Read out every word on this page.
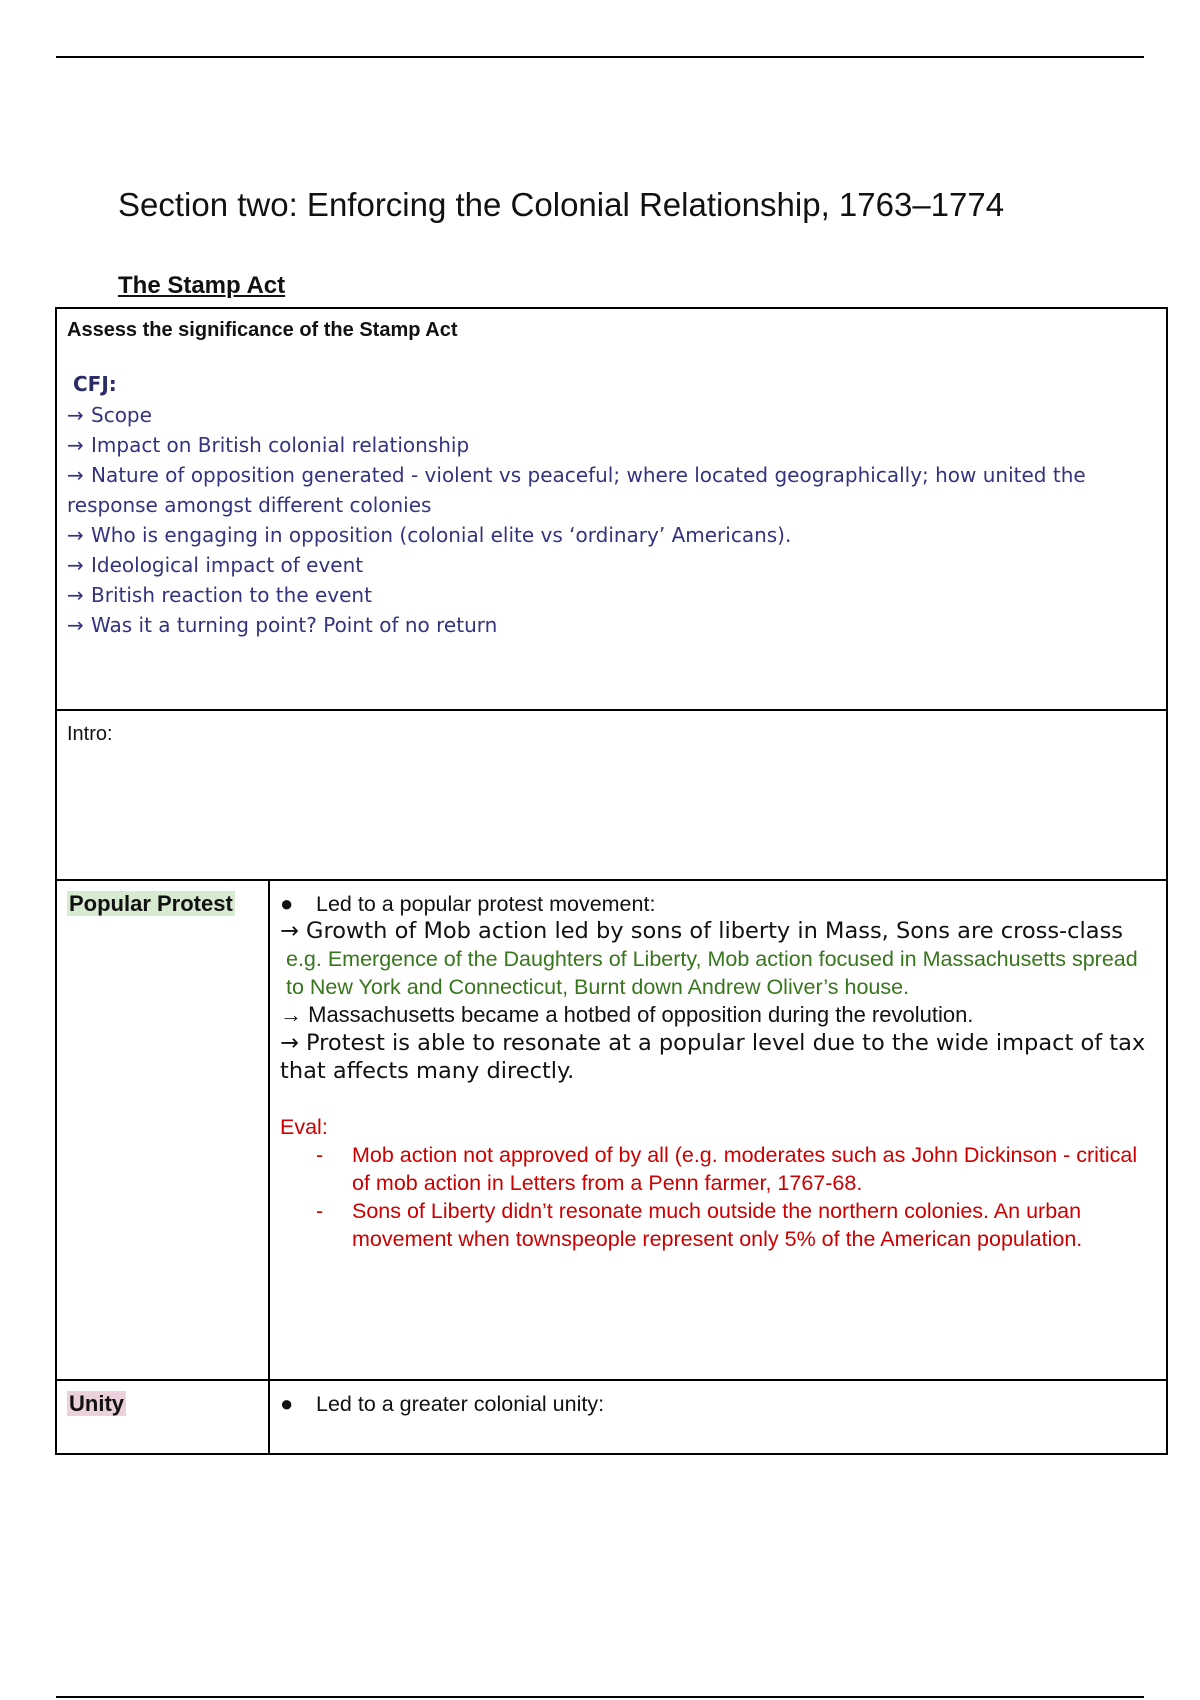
Section two: Enforcing the Colonial Relationship, 1763–1774
The Stamp Act
Assess the significance of the Stamp Act
CFJ:
→ Scope
→ Impact on British colonial relationship
→ Nature of opposition generated - violent vs peaceful; where located geographically; how united the response amongst different colonies
→ Who is engaging in opposition (colonial elite vs ‘ordinary’ Americans).
→ Ideological impact of event
→ British reaction to the event
→ Was it a turning point? Point of no return
Intro:
Popular Protest	●	Led to a popular protest movement:
→ Growth of Mob action led by sons of liberty in Mass, Sons are cross-class
e.g. Emergence of the Daughters of Liberty, Mob action focused in Massachusetts spread to New York and Connecticut, Burnt down Andrew Oliver’s house.
→ Massachusetts became a hotbed of opposition during the revolution.
→ Protest is able to resonate at a popular level due to the wide impact of tax that affects many directly.
Eval:
-	Mob action not approved of by all (e.g. moderates such as John Dickinson - critical of mob action in Letters from a Penn farmer, 1767-68.
-	Sons of Liberty didn’t resonate much outside the northern colonies. An urban movement when townspeople represent only 5% of the American population.
Unity	●	Led to a greater colonial unity:
